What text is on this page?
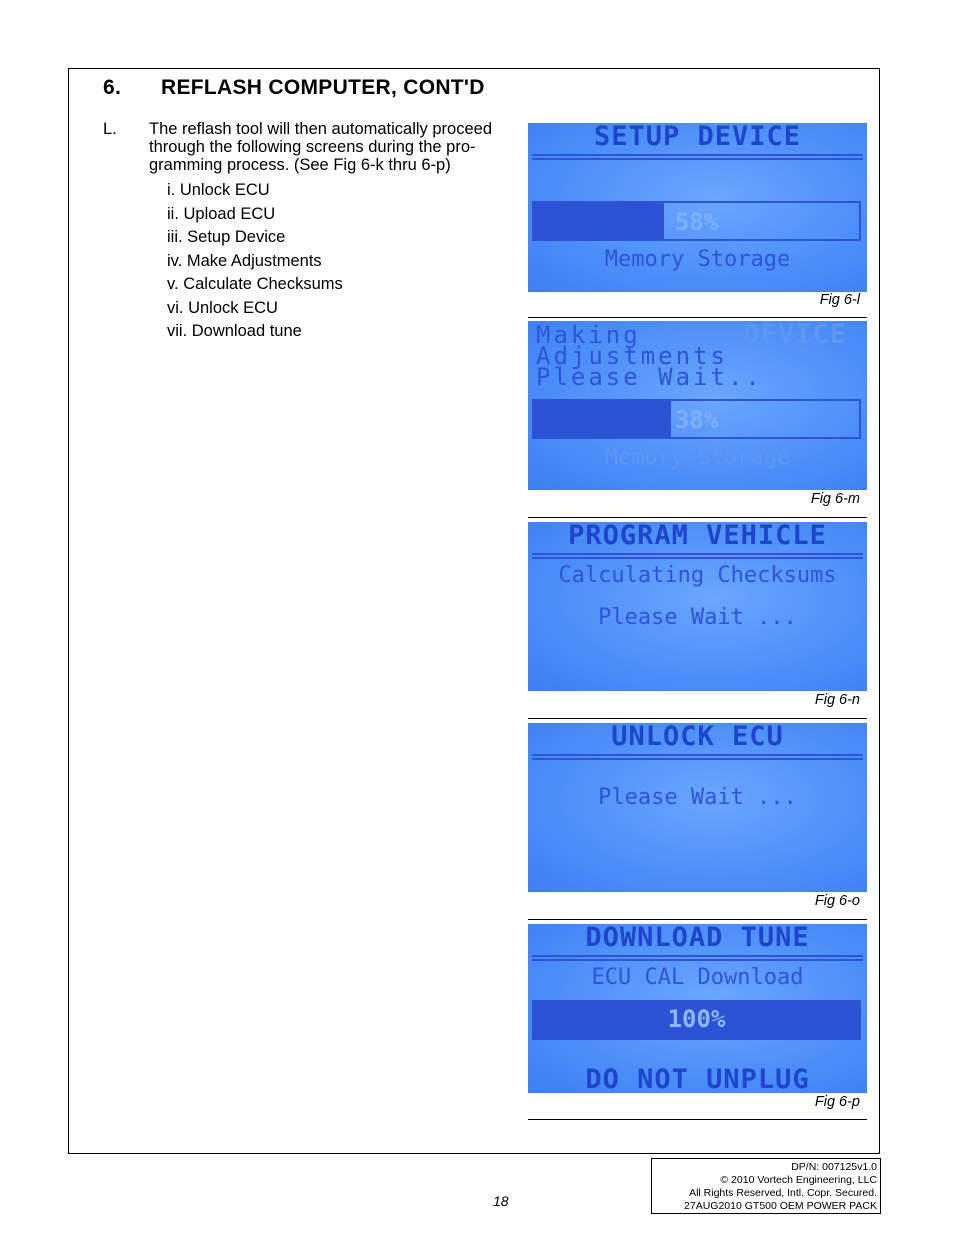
6. REFLASH COMPUTER, CONT'D
L. The reflash tool will then automatically proceed through the following screens during the pro-gramming process. (See Fig 6-k thru 6-p)
i. Unlock ECU
ii. Upload ECU
iii. Setup Device
iv. Make Adjustments
v. Calculate Checksums
vi. Unlock ECU
vii. Download tune
SETUP DEVICE
58%
Memory Storage
Fig 6-l
DEVICE
Making
Adjustments
Please Wait..
38%
Memory Storage
Fig 6-m
PROGRAM VEHICLE
Calculating Checksums
Please Wait ...
Fig 6-n
UNLOCK ECU
Please Wait ...
Fig 6-o
DOWNLOAD TUNE
ECU CAL Download
100%
DO NOT UNPLUG
Fig 6-p
18
DP/N: 007125v1.0
© 2010 Vortech Engineering, LLC
All Rights Reserved, Intl. Copr. Secured.
27AUG2010 GT500 OEM POWER PACK
